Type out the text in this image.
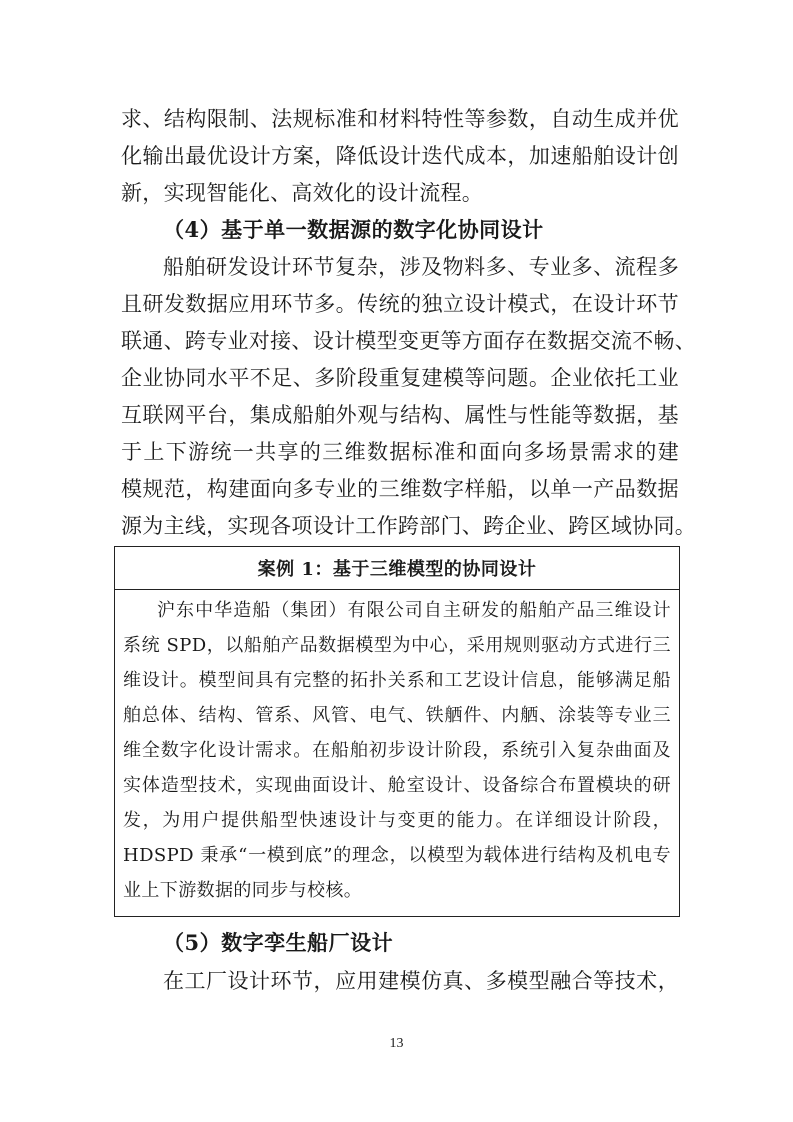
求、结构限制、法规标准和材料特性等参数，自动生成并优
化输出最优设计方案，降低设计迭代成本，加速船舶设计创
新，实现智能化、高效化的设计流程。
（4）基于单一数据源的数字化协同设计
船舶研发设计环节复杂，涉及物料多、专业多、流程多
且研发数据应用环节多。传统的独立设计模式，在设计环节
联通、跨专业对接、设计模型变更等方面存在数据交流不畅、
企业协同水平不足、多阶段重复建模等问题。企业依托工业
互联网平台，集成船舶外观与结构、属性与性能等数据，基
于上下游统一共享的三维数据标准和面向多场景需求的建
模规范，构建面向多专业的三维数字样船，以单一产品数据
源为主线，实现各项设计工作跨部门、跨企业、跨区域协同。
案例 1：基于三维模型的协同设计
沪东中华造船（集团）有限公司自主研发的船舶产品三维设计
系统 SPD，以船舶产品数据模型为中心，采用规则驱动方式进行三
维设计。模型间具有完整的拓扑关系和工艺设计信息，能够满足船
舶总体、结构、管系、风管、电气、铁舾件、内舾、涂装等专业三
维全数字化设计需求。在船舶初步设计阶段，系统引入复杂曲面及
实体造型技术，实现曲面设计、舱室设计、设备综合布置模块的研
发，为用户提供船型快速设计与变更的能力。在详细设计阶段，
HDSPD 秉承“一模到底”的理念，以模型为载体进行结构及机电专
业上下游数据的同步与校核。
（5）数字孪生船厂设计
在工厂设计环节，应用建模仿真、多模型融合等技术，
13
